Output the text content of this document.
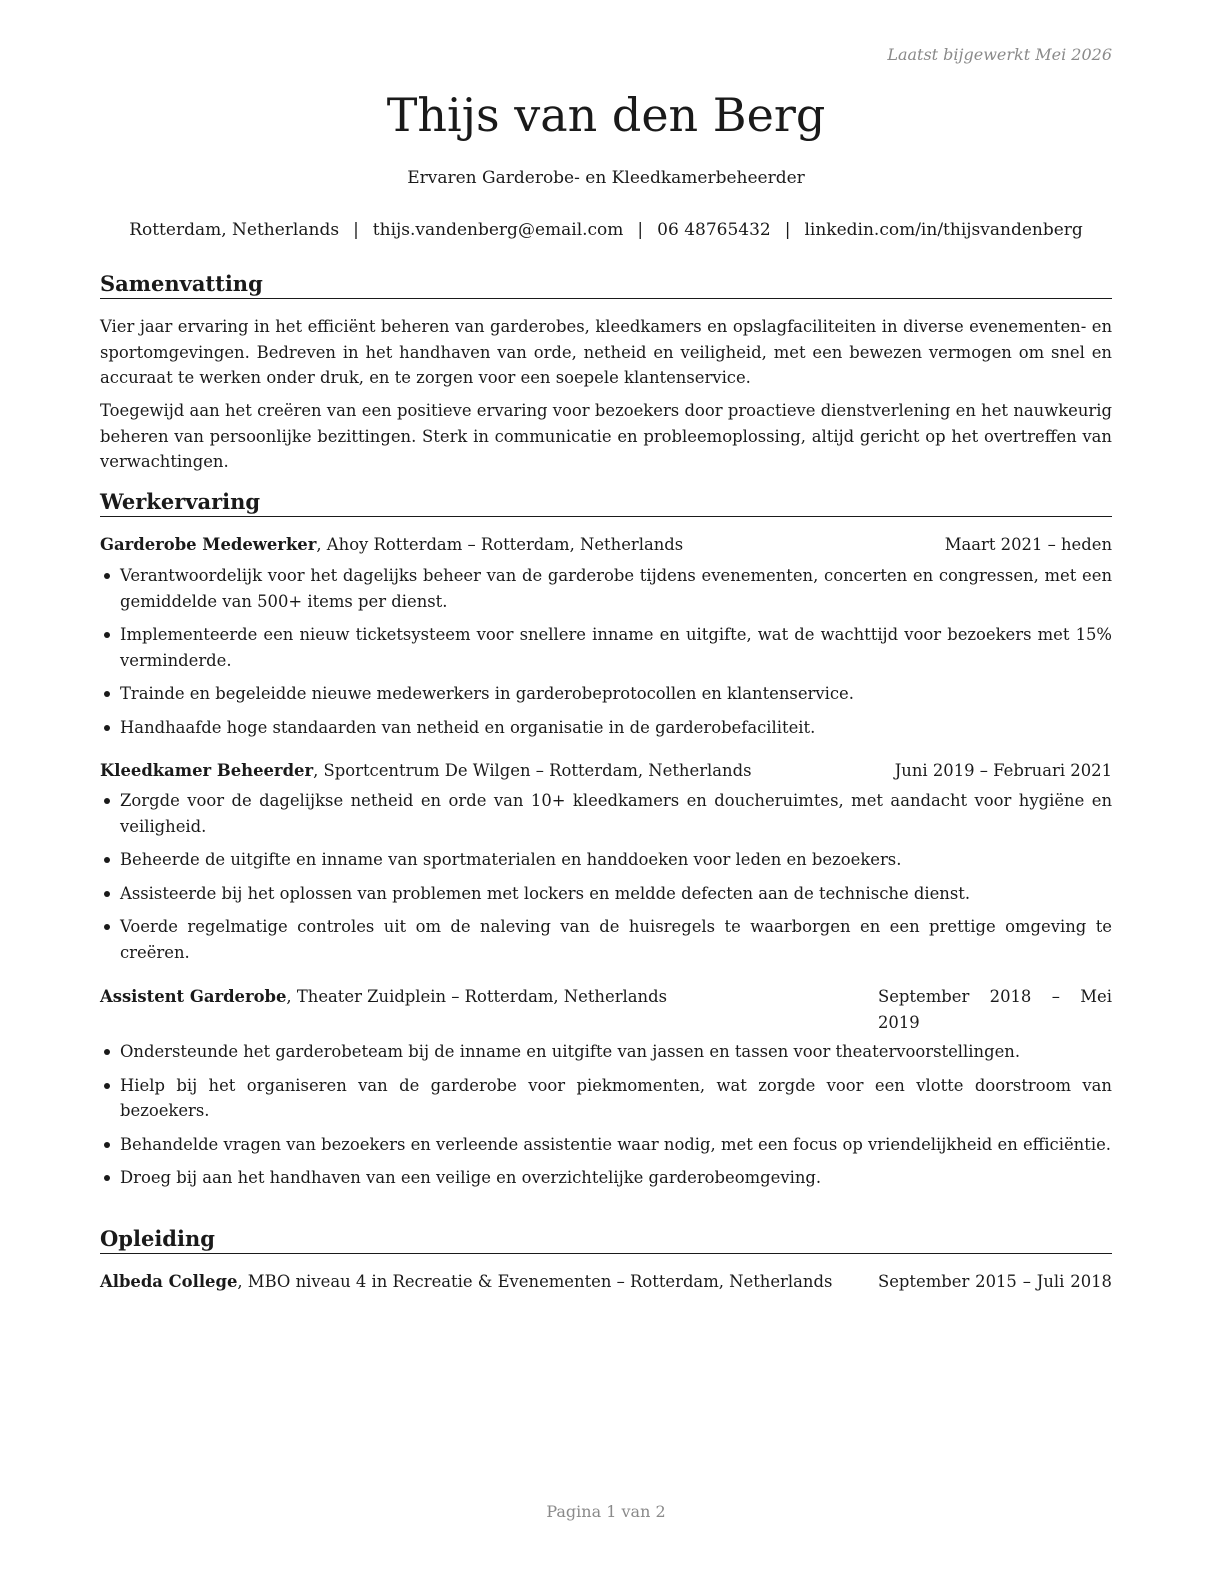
Laatst bijgewerkt Mei 2026
Thijs van den Berg
Ervaren Garderobe- en Kleedkamerbeheerder
Rotterdam, Netherlands | thijs.vandenberg@email.com | 06 48765432 | linkedin.com/in/thijsvandenberg
Samenvatting
Vier jaar ervaring in het efficiënt beheren van garderobes, kleedkamers en opslagfaciliteiten in diverse evenementen- en sportomgevingen. Bedreven in het handhaven van orde, netheid en veiligheid, met een bewezen vermogen om snel en accuraat te werken onder druk, en te zorgen voor een soepele klantenservice.
Toegewijd aan het creëren van een positieve ervaring voor bezoekers door proactieve dienstverlening en het nauwkeurig beheren van persoonlijke bezittingen. Sterk in communicatie en probleemoplossing, altijd gericht op het overtreffen van verwachtingen.
Werkervaring
Garderobe Medewerker, Ahoy Rotterdam – Rotterdam, Netherlands	Maart 2021 – heden
Verantwoordelijk voor het dagelijks beheer van de garderobe tijdens evenementen, concerten en congressen, met een gemiddelde van 500+ items per dienst.
Implementeerde een nieuw ticketsysteem voor snellere inname en uitgifte, wat de wachttijd voor bezoekers met 15% verminderde.
Trainde en begeleidde nieuwe medewerkers in garderobeprotocollen en klantenservice.
Handhaafde hoge standaarden van netheid en organisatie in de garderobefaciliteit.
Kleedkamer Beheerder, Sportcentrum De Wilgen – Rotterdam, Netherlands	Juni 2019 – Februari 2021
Zorgde voor de dagelijkse netheid en orde van 10+ kleedkamers en doucheruimtes, met aandacht voor hygiëne en veiligheid.
Beheerde de uitgifte en inname van sportmaterialen en handdoeken voor leden en bezoekers.
Assisteerde bij het oplossen van problemen met lockers en meldde defecten aan de technische dienst.
Voerde regelmatige controles uit om de naleving van de huisregels te waarborgen en een prettige omgeving te creëren.
Assistent Garderobe, Theater Zuidplein – Rotterdam, Netherlands	September 2018 – Mei 2019
Ondersteunde het garderobeteam bij de inname en uitgifte van jassen en tassen voor theatervoorstellingen.
Hielp bij het organiseren van de garderobe voor piekmomenten, wat zorgde voor een vlotte doorstroom van bezoekers.
Behandelde vragen van bezoekers en verleende assistentie waar nodig, met een focus op vriendelijkheid en efficiëntie.
Droeg bij aan het handhaven van een veilige en overzichtelijke garderobeomgeving.
Opleiding
Albeda College, MBO niveau 4 in Recreatie & Evenementen – Rotterdam, Netherlands	September 2015 – Juli 2018
Pagina 1 van 2
